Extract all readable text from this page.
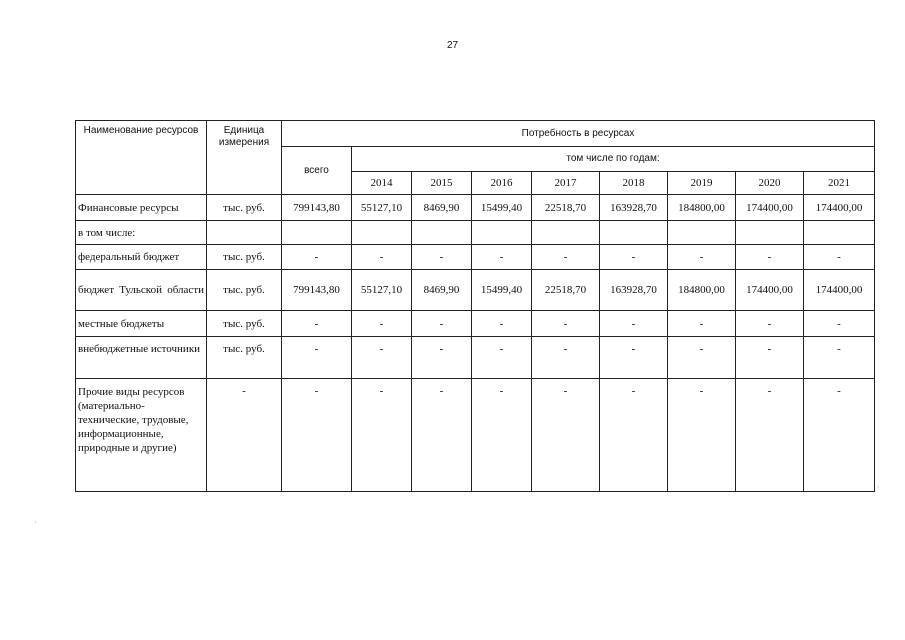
27
Наименование ресурсов	Единица измерения	Потребность в ресурсах								
		всего	том числе по годам:							
			2014	2015	2016	2017	2018	2019	2020	2021
Финансовые ресурсы	тыс. руб.	799143,80	55127,10	8469,90	15499,40	22518,70	163928,70	184800,00	174400,00	174400,00
в том числе:										
федеральный бюджет	тыс. руб.	-	-	-	-	-	-	-	-	-
бюджет Тульской области	тыс. руб.	799143,80	55127,10	8469,90	15499,40	22518,70	163928,70	184800,00	174400,00	174400,00
местные бюджеты	тыс. руб.	-	-	-	-	-	-	-	-	-
внебюджетные источники	тыс. руб.	-	-	-	-	-	-	-	-	-
Прочие виды ресурсов (материально-технические, трудовые, информационные, природные и другие)	-	-	-	-	-	-	-	-	-	-
·
·
